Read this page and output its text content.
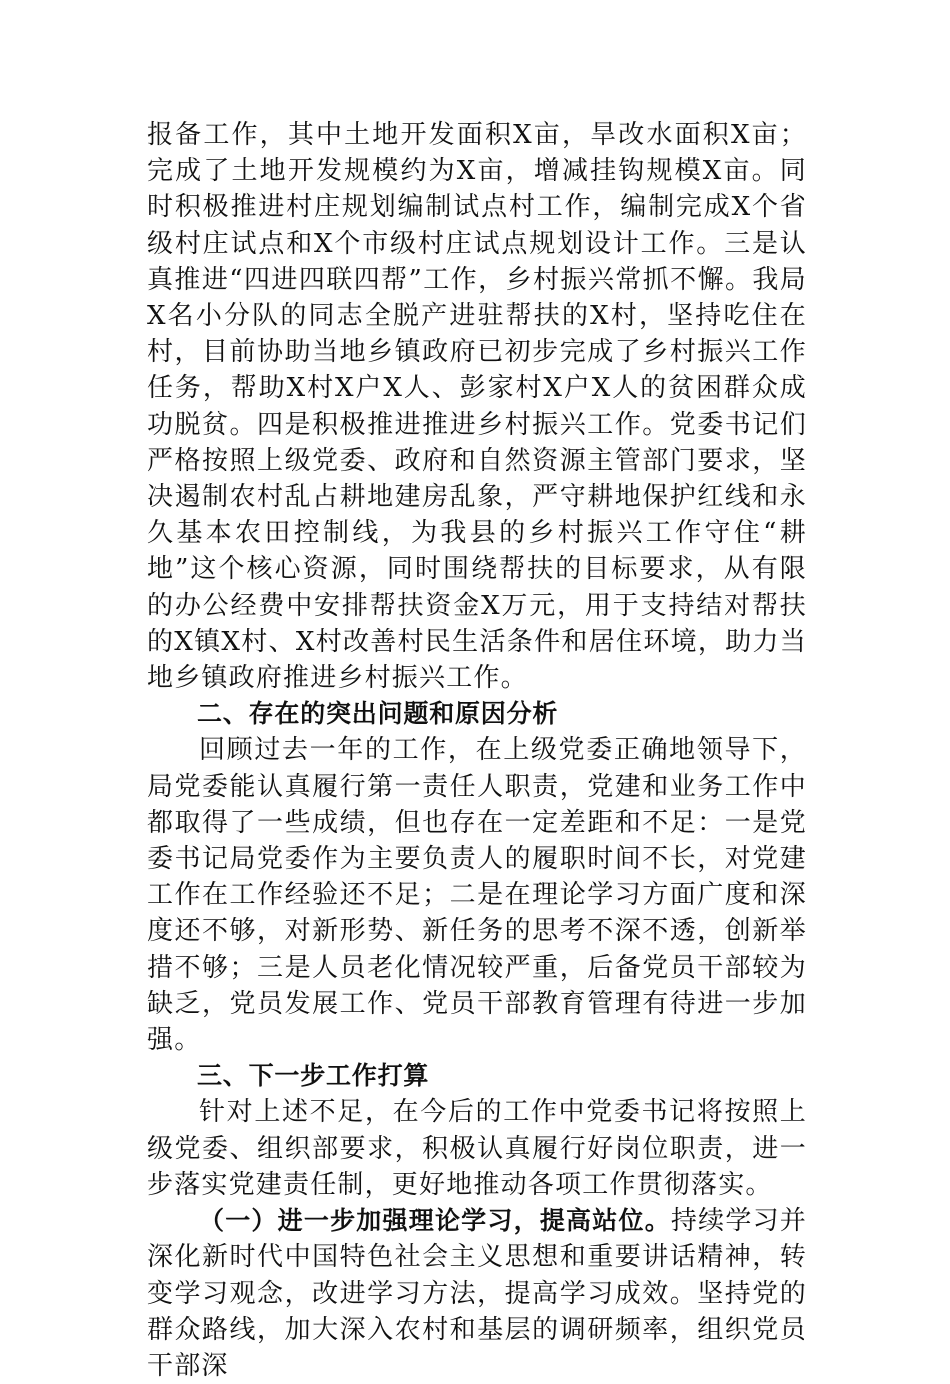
报备工作，其中土地开发面积X亩，旱改水面积X亩；完成了土地开发规模约为X亩，增减挂钩规模X亩。同时积极推进村庄规划编制试点村工作，编制完成X个省级村庄试点和X个市级村庄试点规划设计工作。三是认真推进“四进四联四帮”工作，乡村振兴常抓不懈。我局X名小分队的同志全脱产进驻帮扶的X村，坚持吃住在村，目前协助当地乡镇政府已初步完成了乡村振兴工作任务，帮助X村X户X人、彭家村X户X人的贫困群众成功脱贫。四是积极推进推进乡村振兴工作。党委书记们严格按照上级党委、政府和自然资源主管部门要求，坚决遏制农村乱占耕地建房乱象，严守耕地保护红线和永久基本农田控制线，为我县的乡村振兴工作守住“耕地”这个核心资源，同时围绕帮扶的目标要求，从有限的办公经费中安排帮扶资金X万元，用于支持结对帮扶的X镇X村、X村改善村民生活条件和居住环境，助力当地乡镇政府推进乡村振兴工作。

二、存在的突出问题和原因分析

回顾过去一年的工作，在上级党委正确地领导下，局党委能认真履行第一责任人职责，党建和业务工作中都取得了一些成绩，但也存在一定差距和不足：一是党委书记局党委作为主要负责人的履职时间不长，对党建工作在工作经验还不足；二是在理论学习方面广度和深度还不够，对新形势、新任务的思考不深不透，创新举措不够；三是人员老化情况较严重，后备党员干部较为缺乏，党员发展工作、党员干部教育管理有待进一步加强。

三、下一步工作打算

针对上述不足，在今后的工作中党委书记将按照上级党委、组织部要求，积极认真履行好岗位职责，进一步落实党建责任制，更好地推动各项工作贯彻落实。

（一）进一步加强理论学习，提高站位。持续学习并深化新时代中国特色社会主义思想和重要讲话精神，转变学习观念，改进学习方法，提高学习成效。坚持党的群众路线，加大深入农村和基层的调研频率，组织党员干部深
